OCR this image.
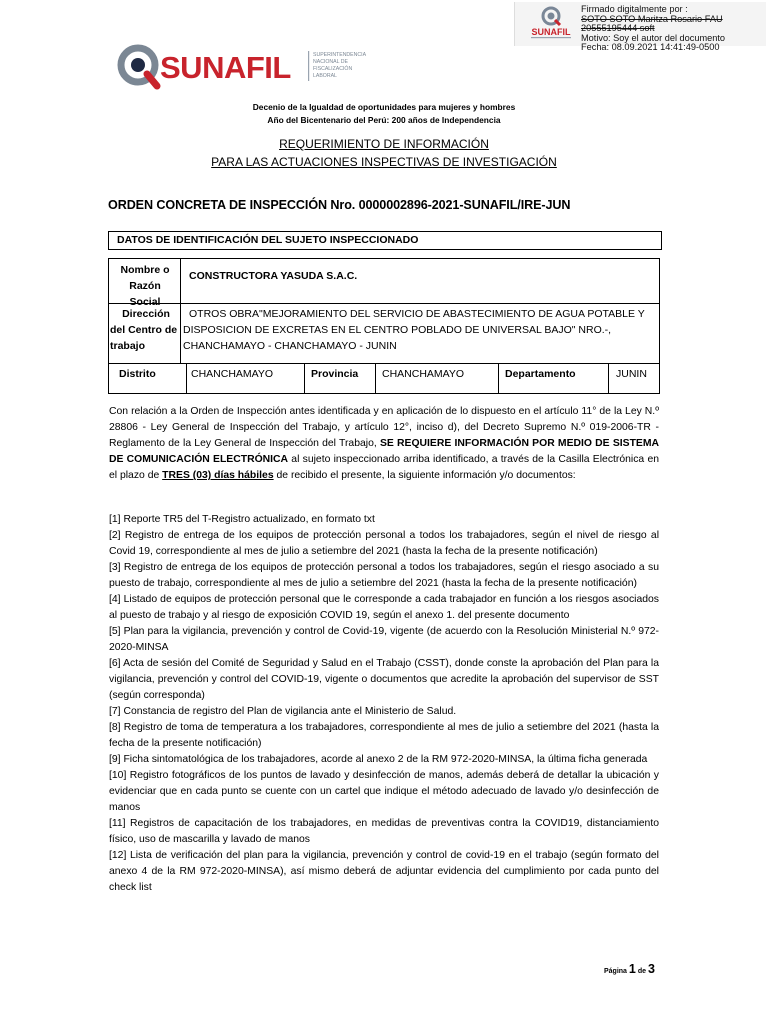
SUNAFIL
Firmado digitalmente por :
SOTO SOTO Maritza Rosario FAU
20555195444 soft
Motivo: Soy el autor del documento
Fecha: 08.09.2021 14:41:49-0500
SUNAFIL	SUPERINTENDENCIA
NACIONAL DE
FISCALIZACIÓN
LABORAL
Decenio de la Igualdad de oportunidades para mujeres y hombres
Año del Bicentenario del Perú: 200 años de Independencia
REQUERIMIENTO DE INFORMACIÓN
PARA LAS ACTUACIONES INSPECTIVAS DE INVESTIGACIÓN
ORDEN CONCRETA DE INSPECCIÓN Nro. 0000002896-2021-SUNAFIL/IRE-JUN
DATOS DE IDENTIFICACIÓN DEL SUJETO INSPECCIONADO
Nombre o
Razón Social
CONSTRUCTORA YASUDA S.A.C.
Dirección
del Centro de
trabajo
OTROS OBRA"MEJORAMIENTO DEL SERVICIO DE ABASTECIMIENTO DE AGUA POTABLE Y
DISPOSICION DE EXCRETAS EN EL CENTRO POBLADO DE UNIVERSAL BAJO" NRO.-,
CHANCHAMAYO - CHANCHAMAYO - JUNIN
Distrito	CHANCHAMAYO	Provincia CHANCHAMAYO	Departamento	JUNIN
Con relación a la Orden de Inspección antes identificada y en aplicación de lo dispuesto en el artículo 11° de la Ley N.º 28806 - Ley General de Inspección del Trabajo, y artículo 12°, inciso d), del Decreto Supremo N.º 019-2006-TR - Reglamento de la Ley General de Inspección del Trabajo, SE REQUIERE INFORMACIÓN POR MEDIO DE SISTEMA DE COMUNICACIÓN ELECTRÓNICA al sujeto inspeccionado arriba identificado, a través de la Casilla Electrónica en el plazo de TRES (03) días hábiles de recibido el presente, la siguiente información y/o documentos:

[1] Reporte TR5 del T-Registro actualizado, en formato txt

[2] Registro de entrega de los equipos de protección personal a todos los trabajadores, según el nivel de riesgo al Covid 19, correspondiente al mes de julio a setiembre del 2021 (hasta la fecha de la presente notificación)

[3] Registro de entrega de los equipos de protección personal a todos los trabajadores, según el riesgo asociado a su puesto de trabajo, correspondiente al mes de julio a setiembre del 2021 (hasta la fecha de la presente notificación)

[4] Listado de equipos de protección personal que le corresponde a cada trabajador en función a los riesgos asociados al puesto de trabajo y al riesgo de exposición COVID 19, según el anexo 1. del presente documento

[5] Plan para la vigilancia, prevención y control de Covid-19, vigente (de acuerdo con la Resolución Ministerial N.º 972-2020-MINSA

[6] Acta de sesión del Comité de Seguridad y Salud en el Trabajo (CSST), donde conste la aprobación del Plan para la vigilancia, prevención y control del COVID-19, vigente o documentos que acredite la aprobación del supervisor de SST (según corresponda)

[7] Constancia de registro del Plan de vigilancia ante el Ministerio de Salud.

[8] Registro de toma de temperatura a los trabajadores, correspondiente al mes de julio a setiembre del 2021 (hasta la fecha de la presente notificación)

[9] Ficha sintomatológica de los trabajadores, acorde al anexo 2 de la RM 972-2020-MINSA, la última ficha generada

[10] Registro fotográficos de los puntos de lavado y desinfección de manos, además deberá de detallar la ubicación y evidenciar que en cada punto se cuente con un cartel que indique el método adecuado de lavado y/o desinfección de manos

[11] Registros de capacitación de los trabajadores, en medidas de preventivas contra la COVID19, distanciamiento físico, uso de mascarilla y lavado de manos

[12] Lista de verificación del plan para la vigilancia, prevención y control de covid-19 en el trabajo (según formato del anexo 4 de la RM 972-2020-MINSA), así mismo deberá de adjuntar evidencia del cumplimiento por cada punto del check list

Página 1 de 3
